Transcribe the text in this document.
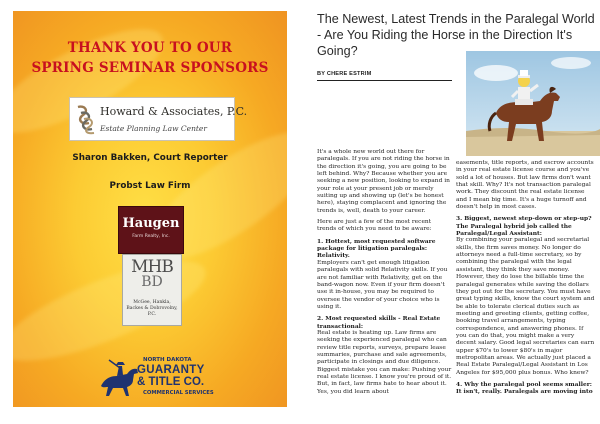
THANK YOU TO OUR
SPRING SEMINAR SPONSORS
Howard & Associates, P.C.
Estate Planning Law Center
Sharon Bakken, Court Reporter
Probst Law Firm
Haugen
Farm Realty, Inc.
MHB
BD
McGee, Hankla,
Backes & Dobrovolny, P.C.
NORTH DAKOTA
GUARANTY
& TITLE CO.
COMMERCIAL SERVICES
The Newest, Latest Trends in the Paralegal World - Are You Riding the Horse in the Direction It's Going?
BY CHERE ESTRIM

It's a whole new world out there for paralegals. If you are not riding the horse in the direction it's going, you are going to be left behind. Why? Because whether you are seeking a new position, looking to expand in your role at your present job or merely suiting up and showing up (let's be honest here), staying complacent and ignoring the trends is, well, death to your career.

Here are just a few of the most recent trends of which you need to be aware:

1. Hottest, most requested software package for litigation paralegals: Relativity.

Employers can't get enough litigation paralegals with solid Relativity skills. If you are not familiar with Relativity, get on the band-wagon now. Even if your firm doesn't use it in-house, you may be required to oversee the vendor of your choice who is using it.

2. Most requested skills - Real Estate transactional:

Real estate is heating up. Law firms are seeking the experienced paralegal who can review title reports, surveys, prepare lease summaries, purchase and sale agreements, participate in closings and due diligence. Biggest mistake you can make: Pushing your real estate license. I know you're proud of it. But, in fact, law firms hate to hear about it. Yes, you did learn about

easements, title reports, and escrow accounts in your real estate license course and you've sold a lot of houses. But law firms don't want that skill. Why? It's not transaction paralegal work. They discount the real estate license and I mean big time. It's a huge turnoff and doesn't help in most cases.

3. Biggest, newest step-down or step-up? The Paralegal hybrid job called the Paralegal/Legal Assistant:

By combining your paralegal and secretarial skills, the firm saves money. No longer do attorneys need a full-time secretary, so by combining the paralegal with the legal assistant, they think they save money. However, they do lose the billable time the paralegal generates while saving the dollars they put out for the secretary. You must have great typing skills, know the court system and be able to tolerate clerical duties such as meeting and greeting clients, getting coffee, booking travel arrangements, typing correspondence, and answering phones. If you can do that, you might make a very decent salary. Good legal secretaries can earn upper $70's to lower $80's in major metropolitan areas. We actually just placed a Real Estate Paralegal/Legal Assistant in Los Angeles for $95,000 plus bonus. Who knew?

4. Why the paralegal pool seems smaller: It isn't, really. Paralegals are moving into
